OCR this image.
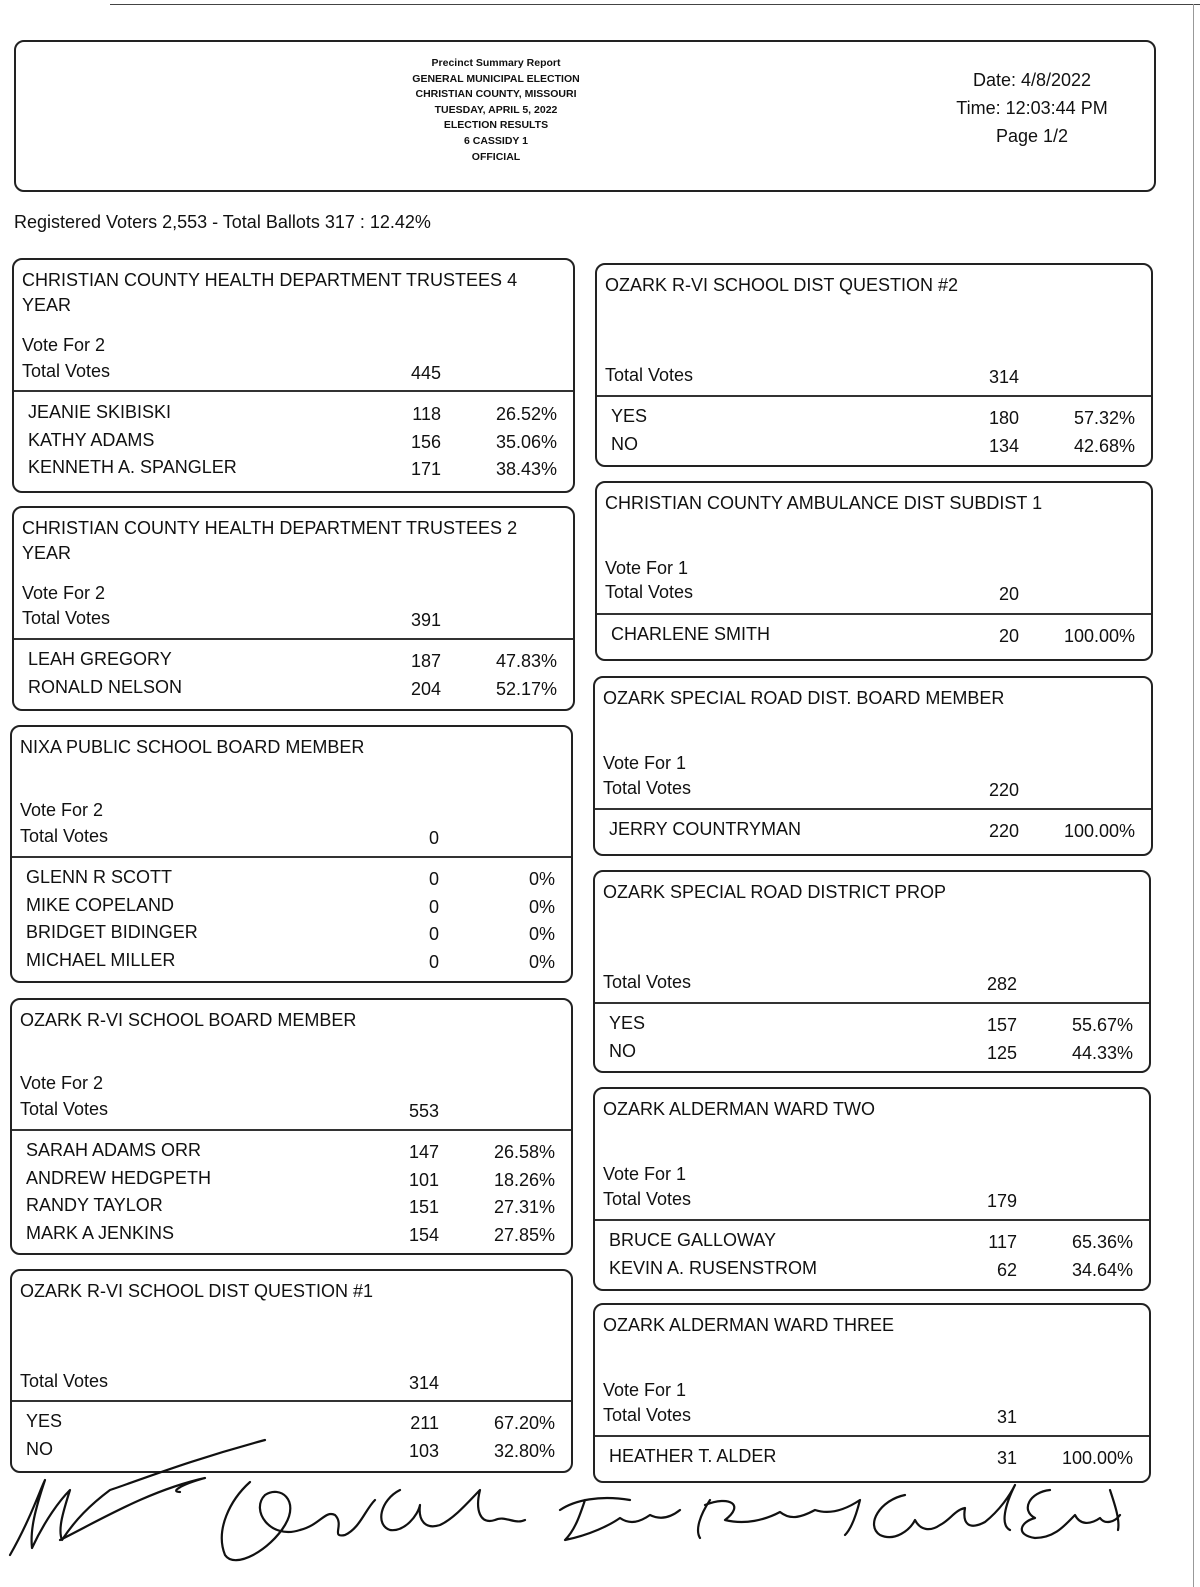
Precinct Summary Report
GENERAL MUNICIPAL ELECTION
CHRISTIAN COUNTY, MISSOURI
TUESDAY, APRIL 5, 2022
ELECTION RESULTS
6 CASSIDY 1
OFFICIAL
Date: 4/8/2022
Time: 12:03:44 PM
Page 1/2
Registered Voters 2,553 - Total Ballots 317 : 12.42%
CHRISTIAN COUNTY HEALTH DEPARTMENT TRUSTEES 4 YEAR
Vote For 2
Total Votes	445
JEANIE SKIBISKI	118	26.52%
KATHY ADAMS	156	35.06%
KENNETH A. SPANGLER	171	38.43%
CHRISTIAN COUNTY HEALTH DEPARTMENT TRUSTEES 2 YEAR
Vote For 2
Total Votes	391
LEAH GREGORY	187	47.83%
RONALD NELSON	204	52.17%
NIXA PUBLIC SCHOOL BOARD MEMBER
Vote For 2
Total Votes	0
GLENN R SCOTT	0	0%
MIKE COPELAND	0	0%
BRIDGET BIDINGER	0	0%
MICHAEL MILLER	0	0%
OZARK R-VI SCHOOL BOARD MEMBER
Vote For 2
Total Votes	553
SARAH ADAMS ORR	147	26.58%
ANDREW HEDGPETH	101	18.26%
RANDY TAYLOR	151	27.31%
MARK A JENKINS	154	27.85%
OZARK R-VI SCHOOL DIST QUESTION #1
Total Votes	314
YES	211	67.20%
NO	103	32.80%
OZARK R-VI SCHOOL DIST QUESTION #2
Total Votes	314
YES	180	57.32%
NO	134	42.68%
CHRISTIAN COUNTY AMBULANCE DIST SUBDIST 1
Vote For 1
Total Votes	20
CHARLENE SMITH	20	100.00%
OZARK SPECIAL ROAD DIST. BOARD MEMBER
Vote For 1
Total Votes	220
JERRY COUNTRYMAN	220	100.00%
OZARK SPECIAL ROAD DISTRICT PROP
Total Votes	282
YES	157	55.67%
NO	125	44.33%
OZARK ALDERMAN WARD TWO
Vote For 1
Total Votes	179
BRUCE GALLOWAY	117	65.36%
KEVIN A. RUSENSTROM	62	34.64%
OZARK ALDERMAN WARD THREE
Vote For 1
Total Votes	31
HEATHER T. ALDER	31	100.00%
